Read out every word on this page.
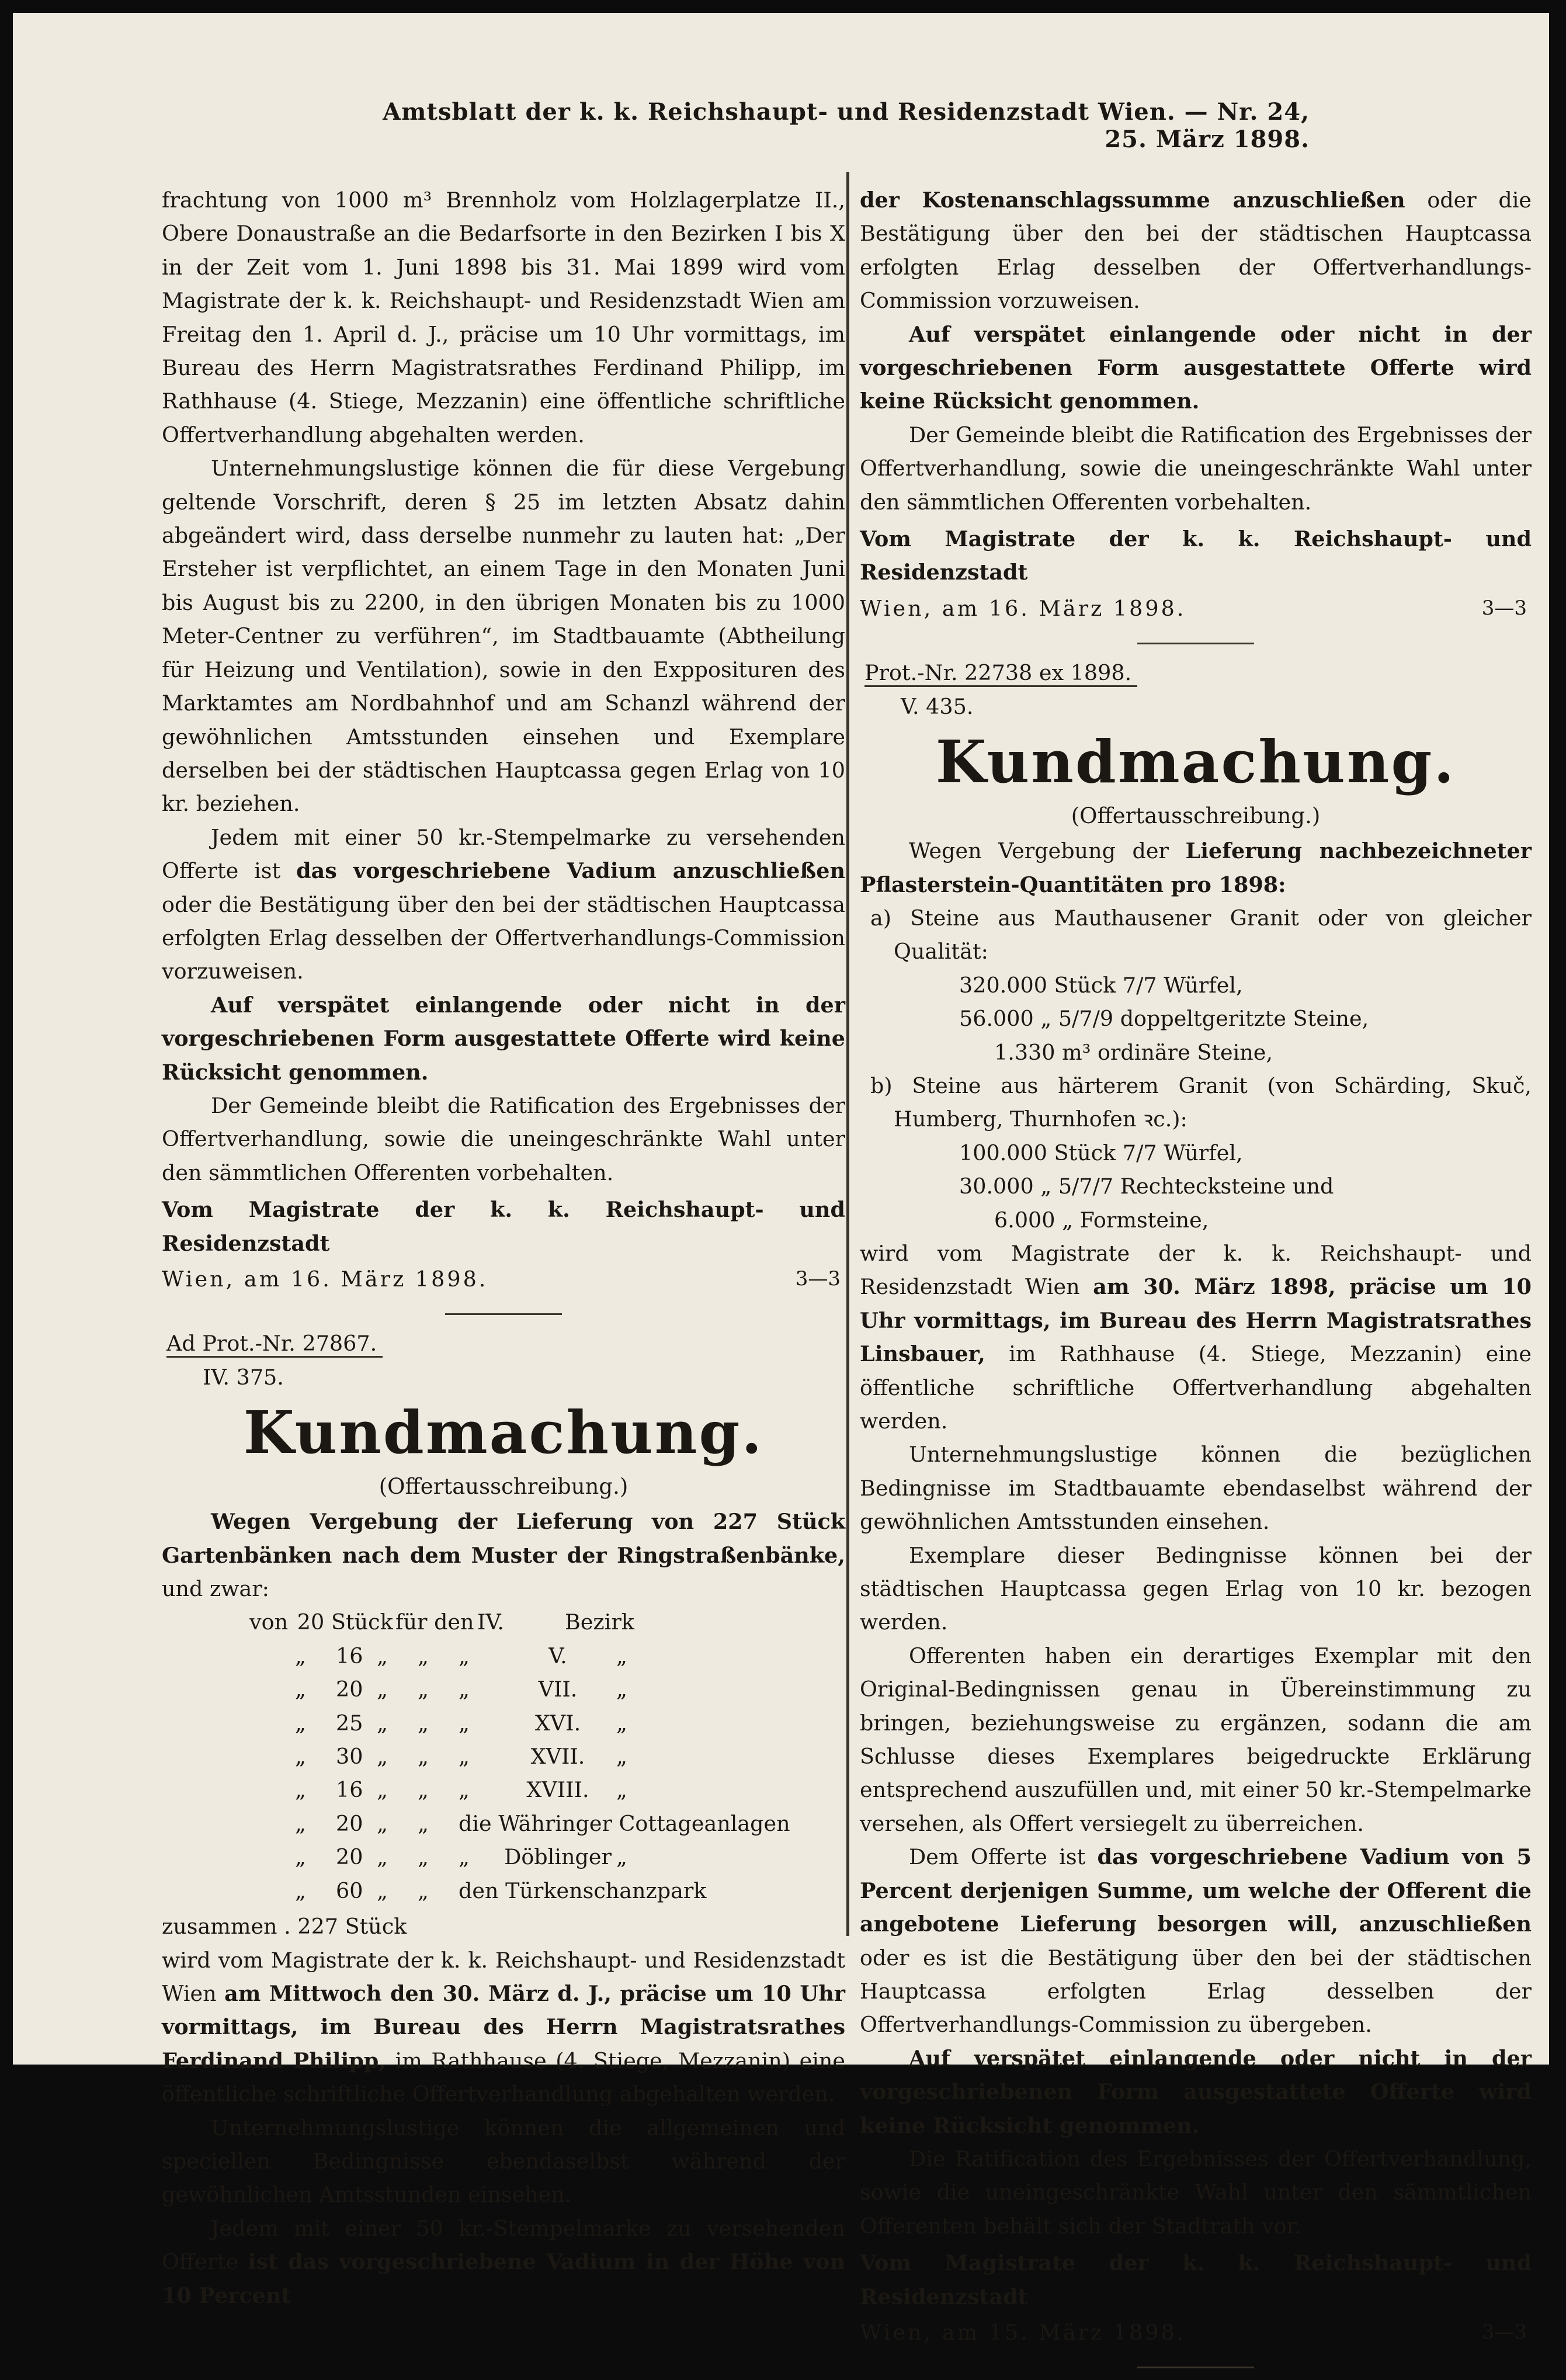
Amtsblatt der k. k. Reichshaupt- und Residenzstadt Wien. — Nr. 24, 25. März 1898.

frachtung von 1000 m³ Brennholz vom Holzlagerplatze II., Obere Donaustraße an die Bedarfsorte in den Bezirken I bis X in der Zeit vom 1. Juni 1898 bis 31. Mai 1899 wird vom Magistrate der k. k. Reichshaupt- und Residenzstadt Wien am Freitag den 1. April d. J., präcise um 10 Uhr vormittags, im Bureau des Herrn Magistratsrathes Ferdinand Philipp, im Rathhause (4. Stiege, Mezzanin) eine öffentliche schriftliche Offertverhandlung abgehalten werden.

Unternehmungslustige können die für diese Vergebung geltende Vorschrift, deren § 25 im letzten Absatz dahin abgeändert wird, dass derselbe nunmehr zu lauten hat: „Der Ersteher ist verpflichtet, an einem Tage in den Monaten Juni bis August bis zu 2200, in den übrigen Monaten bis zu 1000 Meter-Centner zu verführen“, im Stadtbauamte (Abtheilung für Heizung und Ventilation), sowie in den Expposituren des Marktamtes am Nordbahnhof und am Schanzl während der gewöhnlichen Amtsstunden einsehen und Exemplare derselben bei der städtischen Hauptcassa gegen Erlag von 10 kr. beziehen.

Jedem mit einer 50 kr.-Stempelmarke zu versehenden Offerte ist das vorgeschriebene Vadium anzuschließen oder die Bestätigung über den bei der städtischen Hauptcassa erfolgten Erlag desselben der Offertverhandlungs-Commission vorzuweisen.

Auf verspätet einlangende oder nicht in der vorgeschriebenen Form ausgestattete Offerte wird keine Rücksicht genommen.

Der Gemeinde bleibt die Ratification des Ergebnisses der Offertverhandlung, sowie die uneingeschränkte Wahl unter den sämmtlichen Offerenten vorbehalten.

Vom Magistrate der k. k. Reichshaupt- und Residenzstadt

Wien, am 16. März 1898.	3—3

Ad Prot.-Nr. 27867.

IV. 375.

Kundmachung.
(Offertausschreibung.)

Wegen Vergebung der Lieferung von 227 Stück Gartenbänken nach dem Muster der Ringstraßenbänke, und zwar:

von	20	Stück	für den	IV.	Bezirk
„	16	„	„	„	V.	„
„	20	„	„	„	VII.	„
„	25	„	„	„	XVI.	„
„	30	„	„	„	XVII.	„
„	16	„	„	„	XVIII.	„
„	20	„	„	die Währinger Cottageanlagen		
„	20	„	„	„	Döblinger	„
„	60	„	„	den Türkenschanzpark		

zusammen . 227 Stück

wird vom Magistrate der k. k. Reichshaupt- und Residenzstadt Wien am Mittwoch den 30. März d. J., präcise um 10 Uhr vormittags, im Bureau des Herrn Magistratsrathes Ferdinand Philipp, im Rathhause (4. Stiege, Mezzanin) eine öffentliche schriftliche Offertverhandlung abgehalten werden.

Unternehmungslustige können die allgemeinen und speciellen Bedingnisse ebendaselbst während der gewöhnlichen Amtsstunden einsehen.

Jedem mit einer 50 kr.-Stempelmarke zu versehenden Offerte ist das vorgeschriebene Vadium in der Höhe von 10 Percent

der Kostenanschlagssumme anzuschließen oder die Bestätigung über den bei der städtischen Hauptcassa erfolgten Erlag desselben der Offertverhandlungs-Commission vorzuweisen.

Auf verspätet einlangende oder nicht in der vorgeschriebenen Form ausgestattete Offerte wird keine Rücksicht genommen.

Der Gemeinde bleibt die Ratification des Ergebnisses der Offertverhandlung, sowie die uneingeschränkte Wahl unter den sämmtlichen Offerenten vorbehalten.

Vom Magistrate der k. k. Reichshaupt- und Residenzstadt

Wien, am 16. März 1898.	3—3

Prot.-Nr. 22738 ex 1898.

V. 435.

Kundmachung.
(Offertausschreibung.)

Wegen Vergebung der Lieferung nachbezeichneter Pflasterstein-Quantitäten pro 1898:

a) Steine aus Mauthausener Granit oder von gleicher Qualität:

320.000 Stück 7/7 Würfel,

56.000 „ 5/7/9 doppeltgeritzte Steine,

1.330 m³ ordinäre Steine,

b) Steine aus härterem Granit (von Schärding, Skuč, Humberg, Thurnhofen ꝛc.):

100.000 Stück 7/7 Würfel,

30.000 „ 5/7/7 Rechtecksteine und

6.000 „ Formsteine,

wird vom Magistrate der k. k. Reichshaupt- und Residenzstadt Wien am 30. März 1898, präcise um 10 Uhr vormittags, im Bureau des Herrn Magistratsrathes Linsbauer, im Rathhause (4. Stiege, Mezzanin) eine öffentliche schriftliche Offertverhandlung abgehalten werden.

Unternehmungslustige können die bezüglichen Bedingnisse im Stadtbauamte ebendaselbst während der gewöhnlichen Amtsstunden einsehen.

Exemplare dieser Bedingnisse können bei der städtischen Hauptcassa gegen Erlag von 10 kr. bezogen werden.

Offerenten haben ein derartiges Exemplar mit den Original-Bedingnissen genau in Übereinstimmung zu bringen, beziehungsweise zu ergänzen, sodann die am Schlusse dieses Exemplares beigedruckte Erklärung entsprechend auszufüllen und, mit einer 50 kr.-Stempelmarke versehen, als Offert versiegelt zu überreichen.

Dem Offerte ist das vorgeschriebene Vadium von 5 Percent derjenigen Summe, um welche der Offerent die angebotene Lieferung besorgen will, anzuschließen oder es ist die Bestätigung über den bei der städtischen Hauptcassa erfolgten Erlag desselben der Offertverhandlungs-Commission zu übergeben.

Auf verspätet einlangende oder nicht in der vorgeschriebenen Form ausgestattete Offerte wird keine Rücksicht genommen.

Die Ratification des Ergebnisses der Offertverhandlung, sowie die uneingeschränkte Wahl unter den sämmtlichen Offerenten behält sich der Stadtrath vor.

Vom Magistrate der k. k. Reichshaupt- und Residenzstadt

Wien, am 15. März 1898.	3—3
